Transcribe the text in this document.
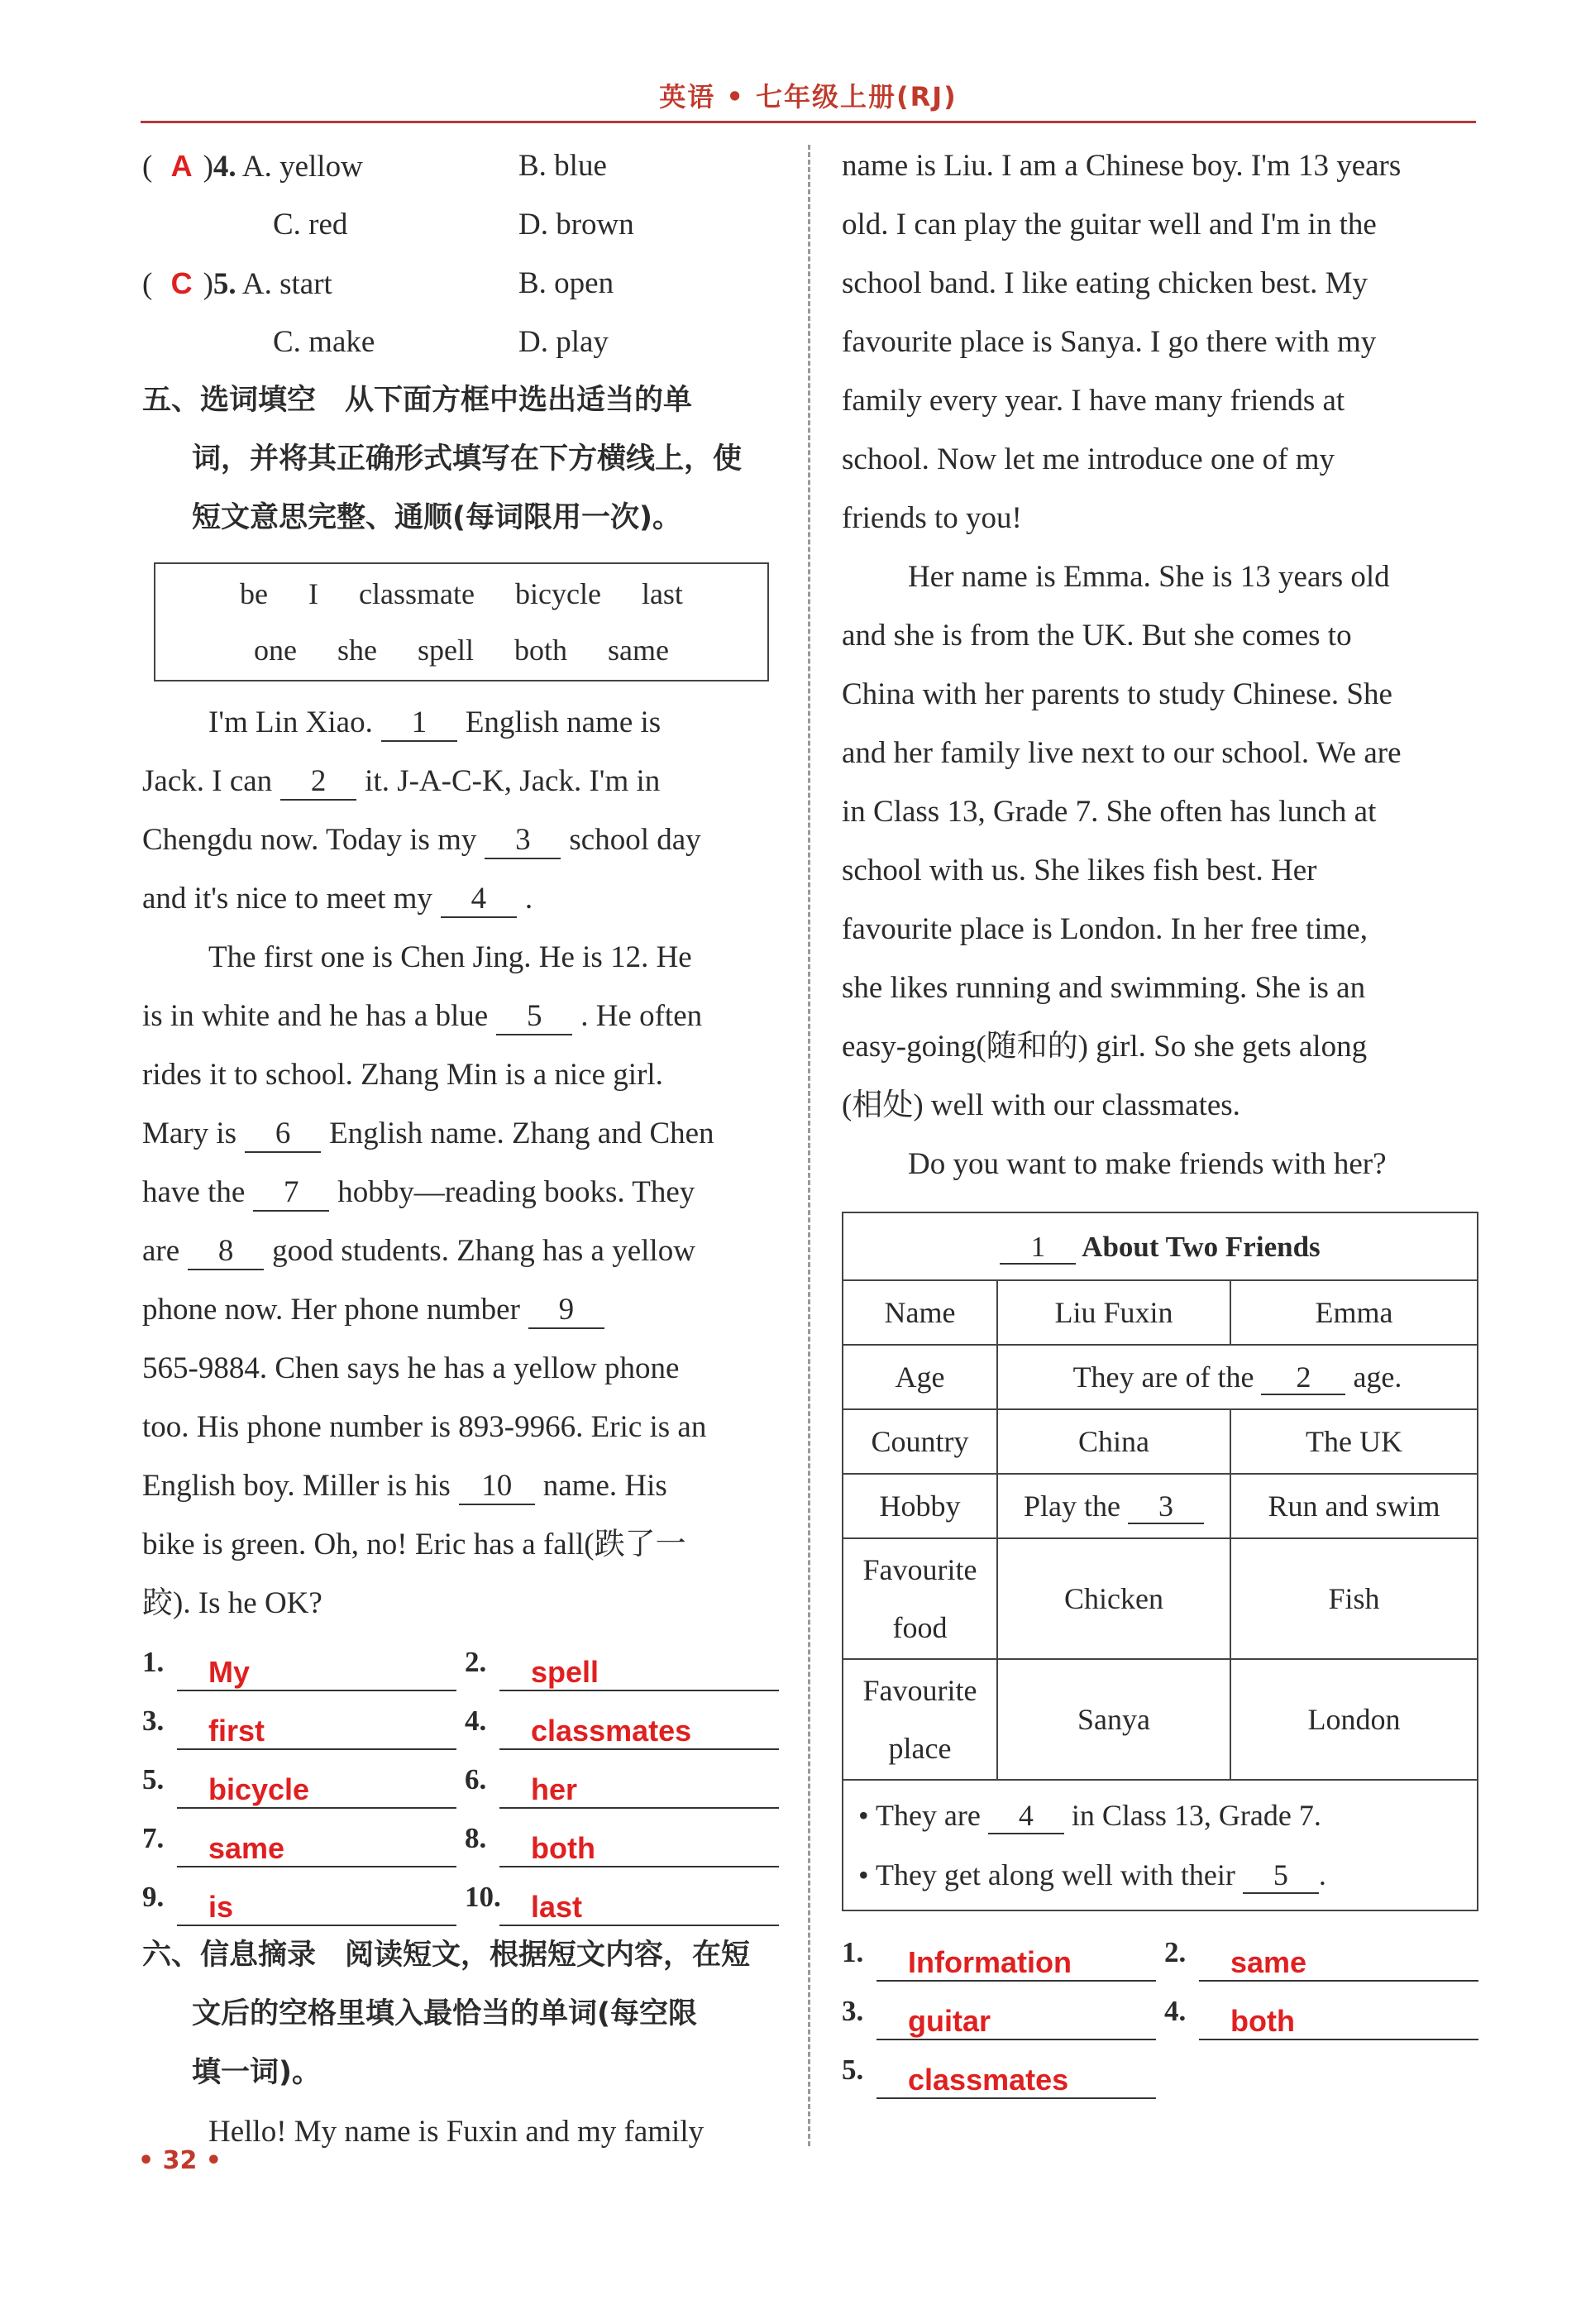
英语 • 七年级上册(RJ)
( A )4. A. yellow	B. blue
C. red	D. brown
( C )5. A. start	B. open
C. make	D. play
五、选词填空　从下面方框中选出适当的单
词，并将其正确形式填写在下方横线上，使
短文意思完整、通顺(每词限用一次)。
be I classmate bicycle last
one she spell both same
I'm Lin Xiao. 1 English name is
Jack. I can 2 it. J-A-C-K, Jack. I'm in
Chengdu now. Today is my 3 school day
and it's nice to meet my 4 .
The first one is Chen Jing. He is 12. He
is in white and he has a blue 5 . He often
rides it to school. Zhang Min is a nice girl.
Mary is 6 English name. Zhang and Chen
have the 7 hobby—reading books. They
are 8 good students. Zhang has a yellow
phone now. Her phone number 9
565-9884. Chen says he has a yellow phone
too. His phone number is 893-9966. Eric is an
English boy. Miller is his 10 name. His
bike is green. Oh, no! Eric has a fall(跌了一
跤). Is he OK?
1.	My	2.	spell
3.	first	4.	classmates
5.	bicycle	6.	her
7.	same	8.	both
9.	is	10.	last
六、信息摘录　阅读短文，根据短文内容，在短
文后的空格里填入最恰当的单词(每空限
填一词)。
Hello! My name is Fuxin and my family
name is Liu. I am a Chinese boy. I'm 13 years
old. I can play the guitar well and I'm in the
school band. I like eating chicken best. My
favourite place is Sanya. I go there with my
family every year. I have many friends at
school. Now let me introduce one of my
friends to you!
Her name is Emma. She is 13 years old
and she is from the UK. But she comes to
China with her parents to study Chinese. She
and her family live next to our school. We are
in Class 13, Grade 7. She often has lunch at
school with us. She likes fish best. Her
favourite place is London. In her free time,
she likes running and swimming. She is an
easy-going(随和的) girl. So she gets along
(相处) well with our classmates.
Do you want to make friends with her?
1 About Two Friends		
Name	Liu Fuxin	Emma
Age	They are of the 2 age.	
Country	China	The UK
Hobby	Play the 3	Run and swim

Favourite
food	Chicken	Fish

Favourite
place	Sanya	London

• They are 4 in Class 13, Grade 7.
• They get along well with their 5 .		
1.	Information	2.	same
3.	guitar	4.	both
5.	classmates
• 32 •
